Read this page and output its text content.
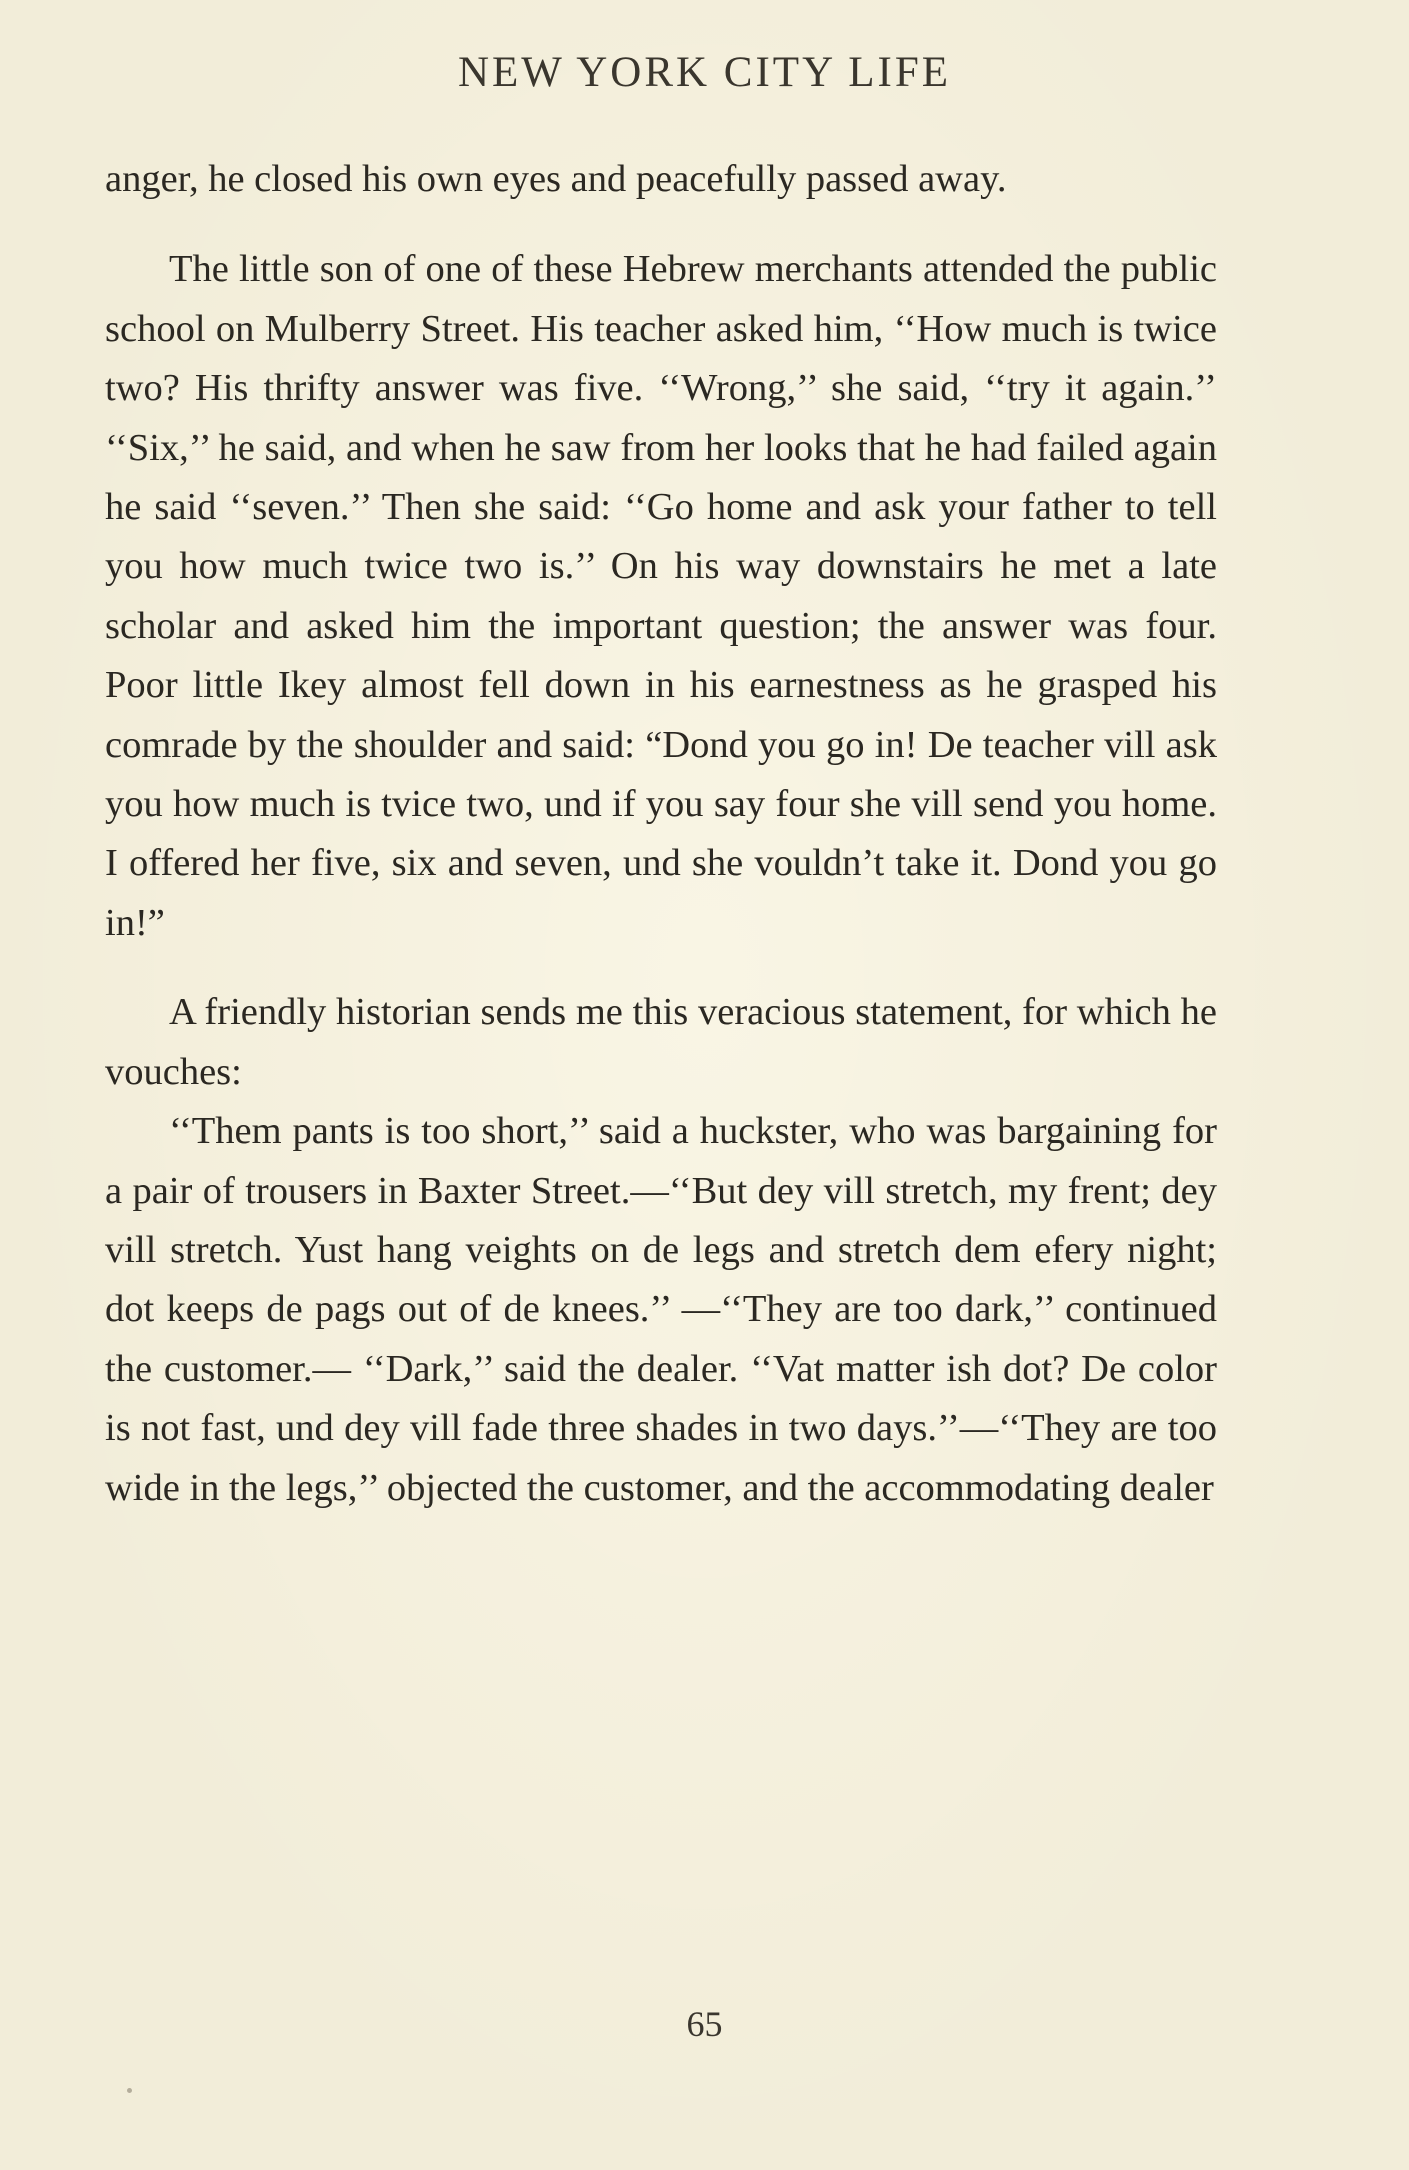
NEW YORK CITY LIFE

anger, he closed his own eyes and peacefully passed away.

The little son of one of these Hebrew merchants attended the public school on Mulberry Street. His teacher asked him, ‘‘How much is twice two? His thrifty answer was five. ‘‘Wrong,’’ she said, ‘‘try it again.’’ ‘‘Six,’’ he said, and when he saw from her looks that he had failed again he said ‘‘seven.’’ Then she said: ‘‘Go home and ask your father to tell you how much twice two is.’’ On his way downstairs he met a late scholar and asked him the important question; the answer was four. Poor little Ikey almost fell down in his earnestness as he grasped his comrade by the shoulder and said: “Dond you go in! De teacher vill ask you how much is tvice two, und if you say four she vill send you home. I offered her five, six and seven, und she vouldn’t take it. Dond you go in!”

A friendly historian sends me this veracious statement, for which he vouches:

‘‘Them pants is too short,’’ said a huckster, who was bargaining for a pair of trousers in Baxter Street.—‘‘But dey vill stretch, my frent; dey vill stretch. Yust hang veights on de legs and stretch dem efery night; dot keeps de pags out of de knees.’’ —‘‘They are too dark,’’ continued the customer.— ‘‘Dark,’’ said the dealer. ‘‘Vat matter ish dot? De color is not fast, und dey vill fade three shades in two days.’’—‘‘They are too wide in the legs,’’ objected the customer, and the accommodating dealer

65
